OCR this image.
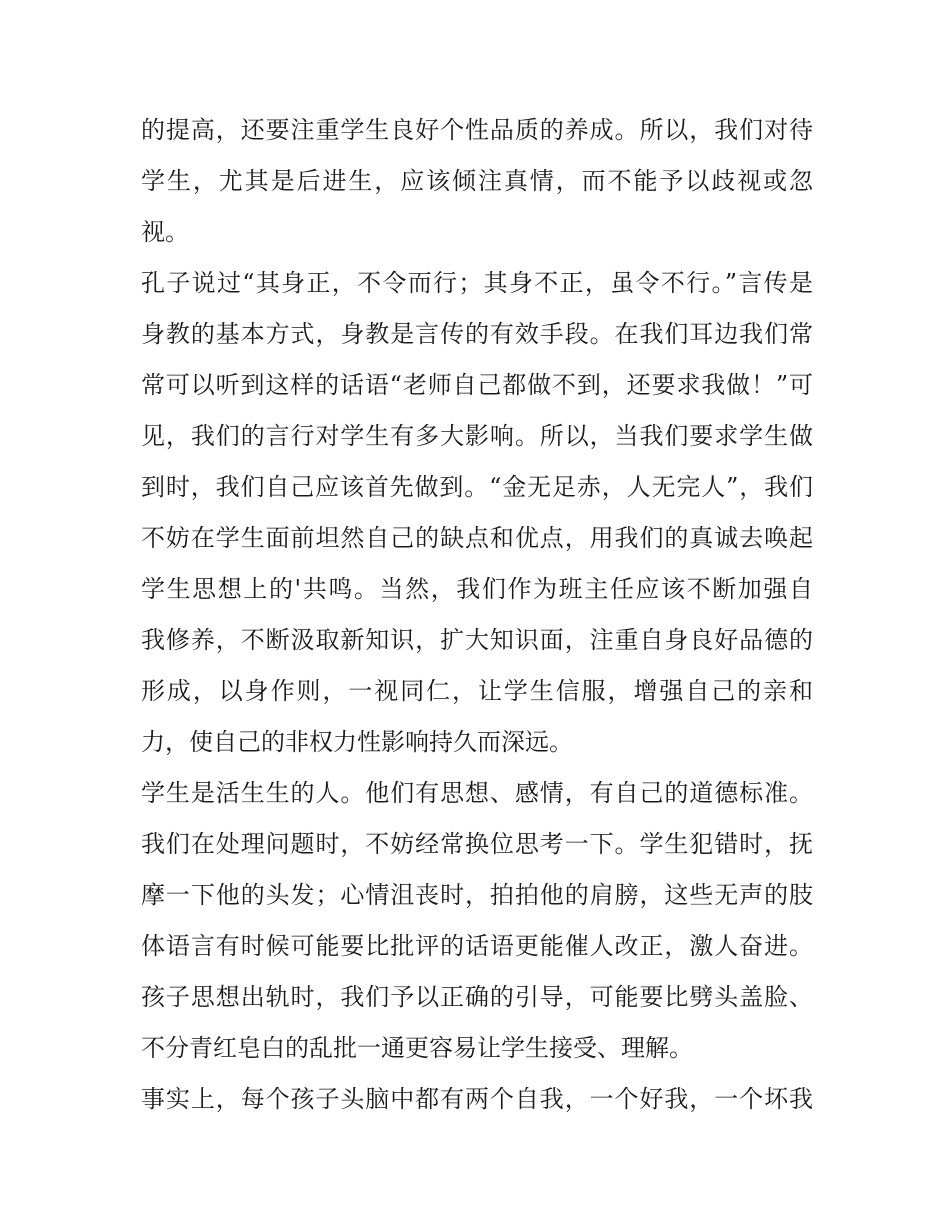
的提高，还要注重学生良好个性品质的养成。所以，我们对待
学生，尤其是后进生，应该倾注真情，而不能予以歧视或忽
视。
孔子说过“其身正，不令而行；其身不正，虽令不行。”言传是
身教的基本方式，身教是言传的有效手段。在我们耳边我们常
常可以听到这样的话语“老师自己都做不到，还要求我做！”可
见，我们的言行对学生有多大影响。所以，当我们要求学生做
到时，我们自己应该首先做到。“金无足赤，人无完人”，我们
不妨在学生面前坦然自己的缺点和优点，用我们的真诚去唤起
学生思想上的'共鸣。当然，我们作为班主任应该不断加强自
我修养，不断汲取新知识，扩大知识面，注重自身良好品德的
形成，以身作则，一视同仁，让学生信服，增强自己的亲和
力，使自己的非权力性影响持久而深远。
学生是活生生的人。他们有思想、感情，有自己的道德标准。
我们在处理问题时，不妨经常换位思考一下。学生犯错时，抚
摩一下他的头发；心情沮丧时，拍拍他的肩膀，这些无声的肢
体语言有时候可能要比批评的话语更能催人改正，激人奋进。
孩子思想出轨时，我们予以正确的引导，可能要比劈头盖脸、
不分青红皂白的乱批一通更容易让学生接受、理解。
事实上，每个孩子头脑中都有两个自我，一个好我，一个坏我
